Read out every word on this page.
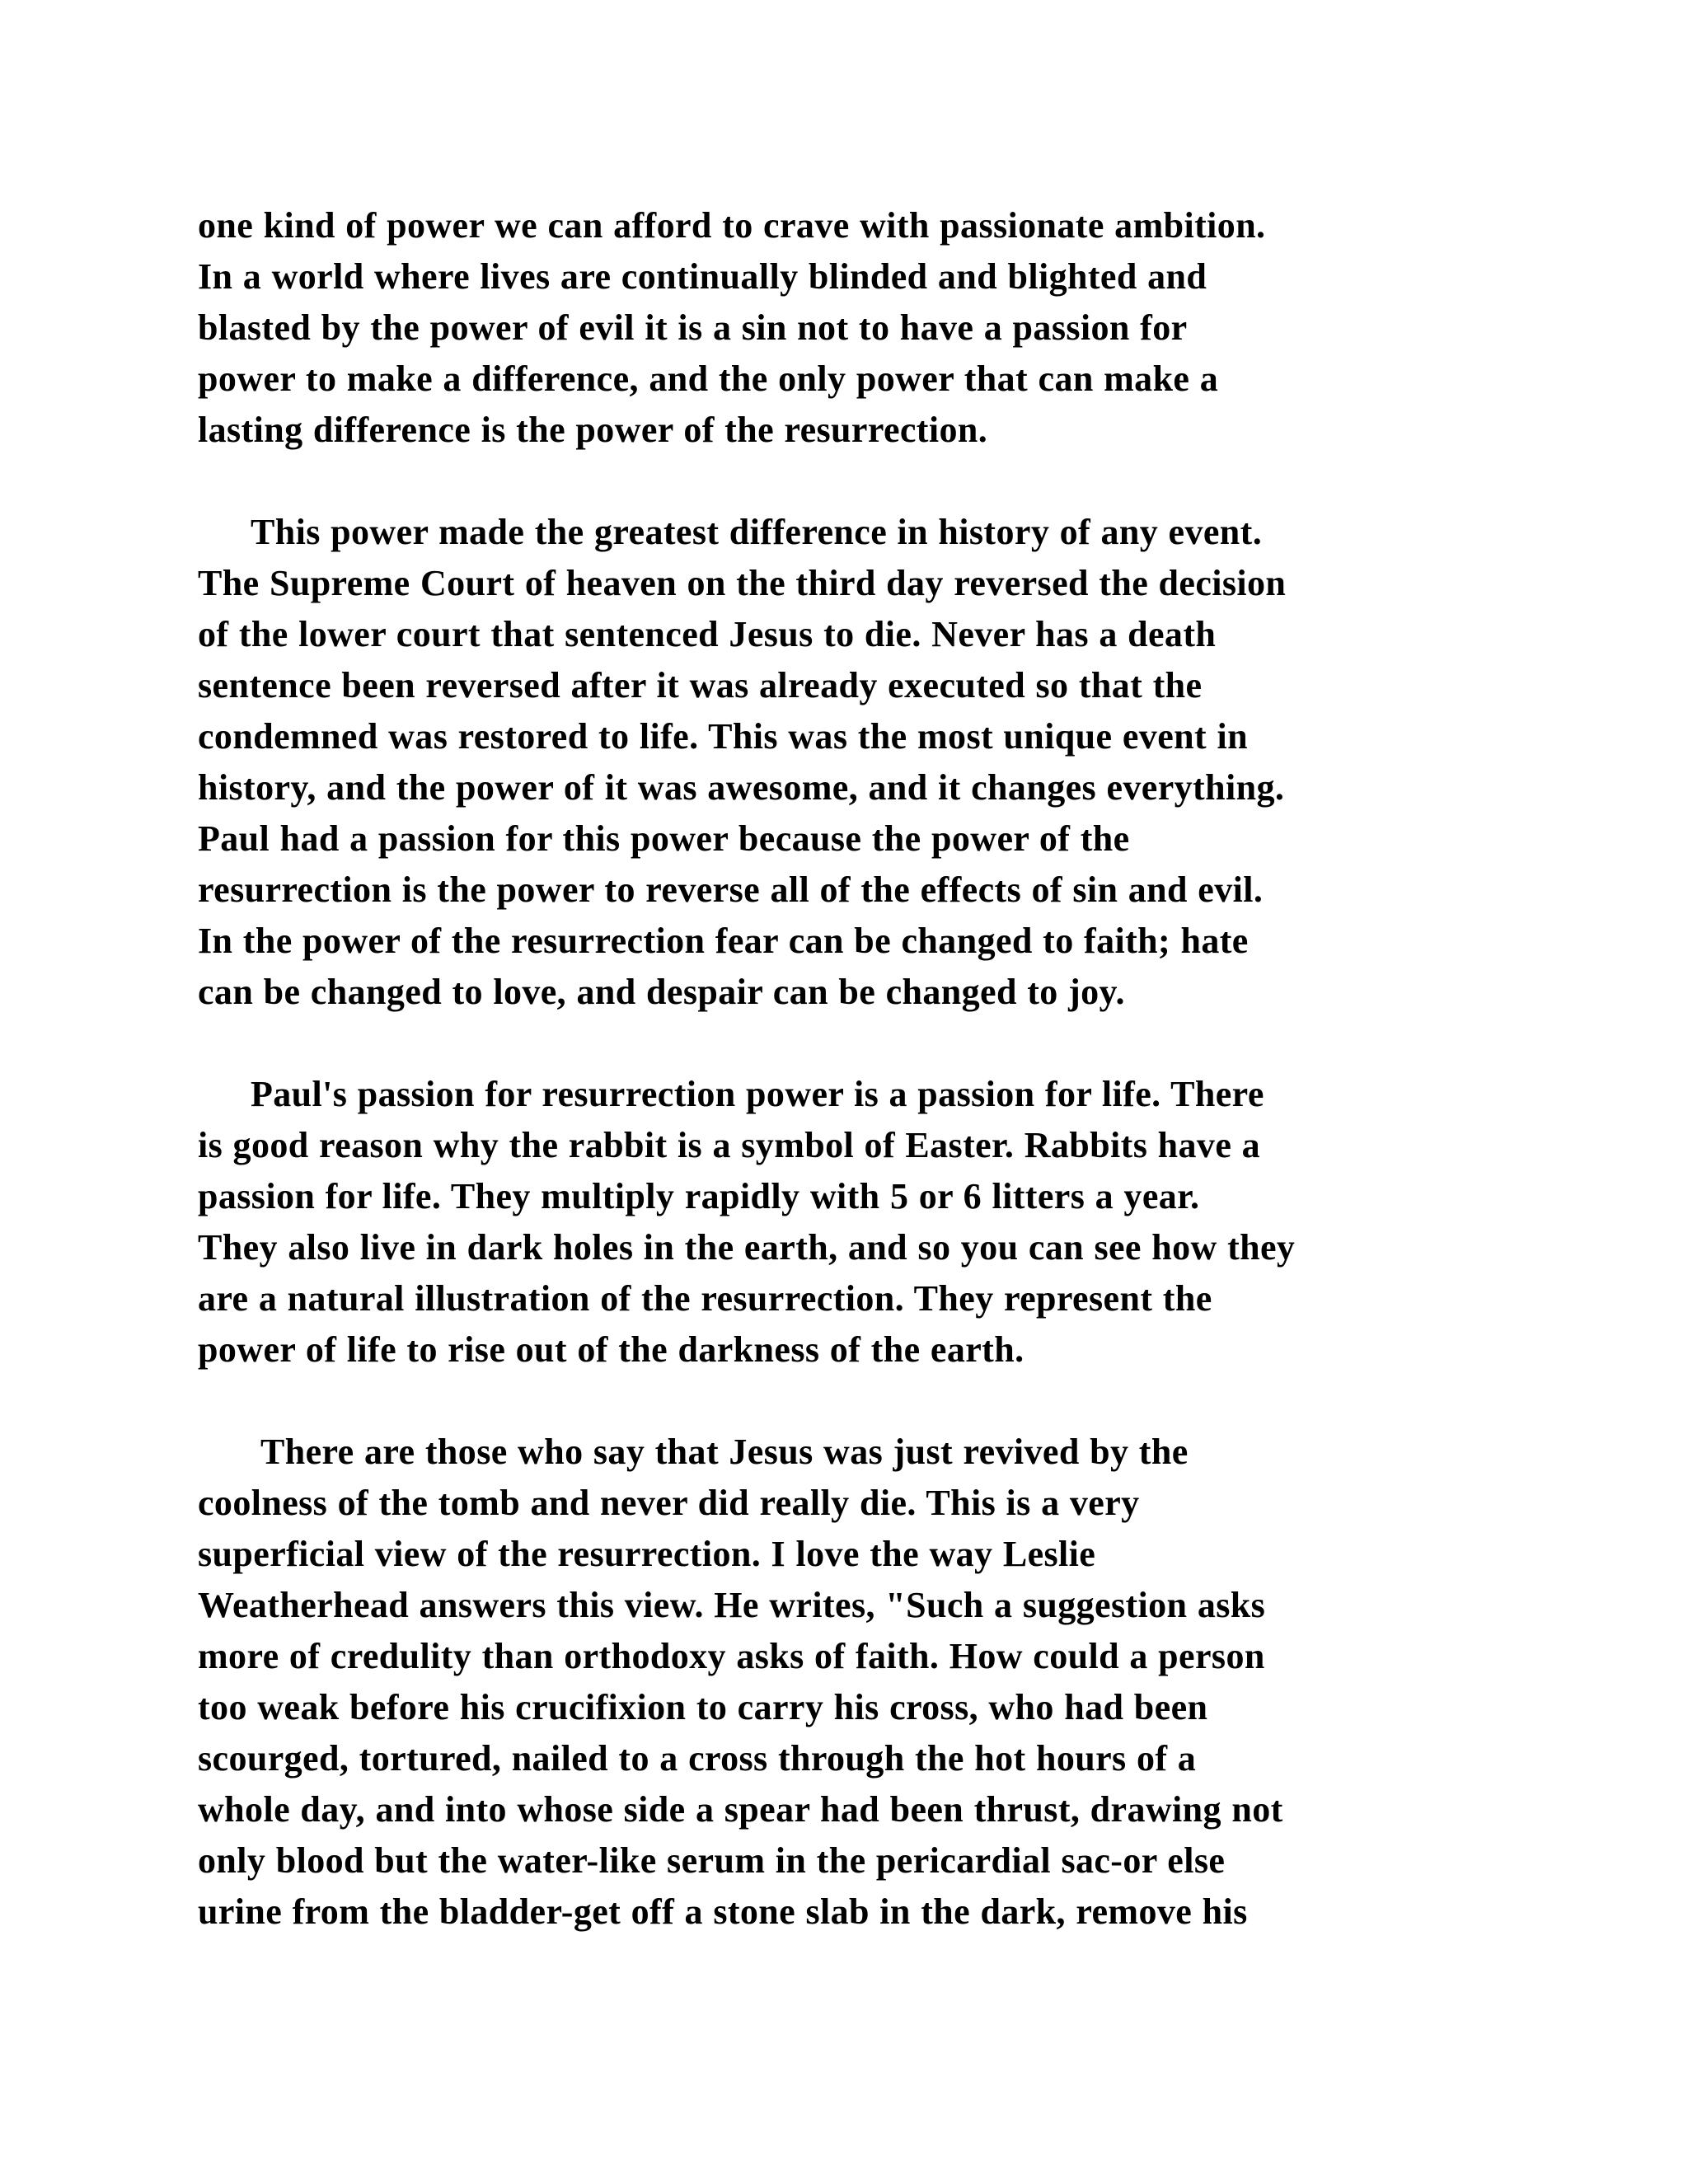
one kind of power we can afford to crave with passionate ambition.
In a world where lives are continually blinded and blighted and
blasted by the power of evil it is a sin not to have a passion for
power to make a difference, and the only power that can make a
lasting difference is the power of the resurrection.
This power made the greatest difference in history of any event.
The Supreme Court of heaven on the third day reversed the decision
of the lower court that sentenced Jesus to die. Never has a death
sentence been reversed after it was already executed so that the
condemned was restored to life. This was the most unique event in
history, and the power of it was awesome, and it changes everything.
Paul had a passion for this power because the power of the
resurrection is the power to reverse all of the effects of sin and evil.
In the power of the resurrection fear can be changed to faith; hate
can be changed to love, and despair can be changed to joy.
Paul's passion for resurrection power is a passion for life. There
is good reason why the rabbit is a symbol of Easter. Rabbits have a
passion for life. They multiply rapidly with 5 or 6 litters a year.
They also live in dark holes in the earth, and so you can see how they
are a natural illustration of the resurrection. They represent the
power of life to rise out of the darkness of the earth.
There are those who say that Jesus was just revived by the
coolness of the tomb and never did really die. This is a very
superficial view of the resurrection. I love the way Leslie
Weatherhead answers this view. He writes, "Such a suggestion asks
more of credulity than orthodoxy asks of faith. How could a person
too weak before his crucifixion to carry his cross, who had been
scourged, tortured, nailed to a cross through the hot hours of a
whole day, and into whose side a spear had been thrust, drawing not
only blood but the water-like serum in the pericardial sac-or else
urine from the bladder-get off a stone slab in the dark, remove his
